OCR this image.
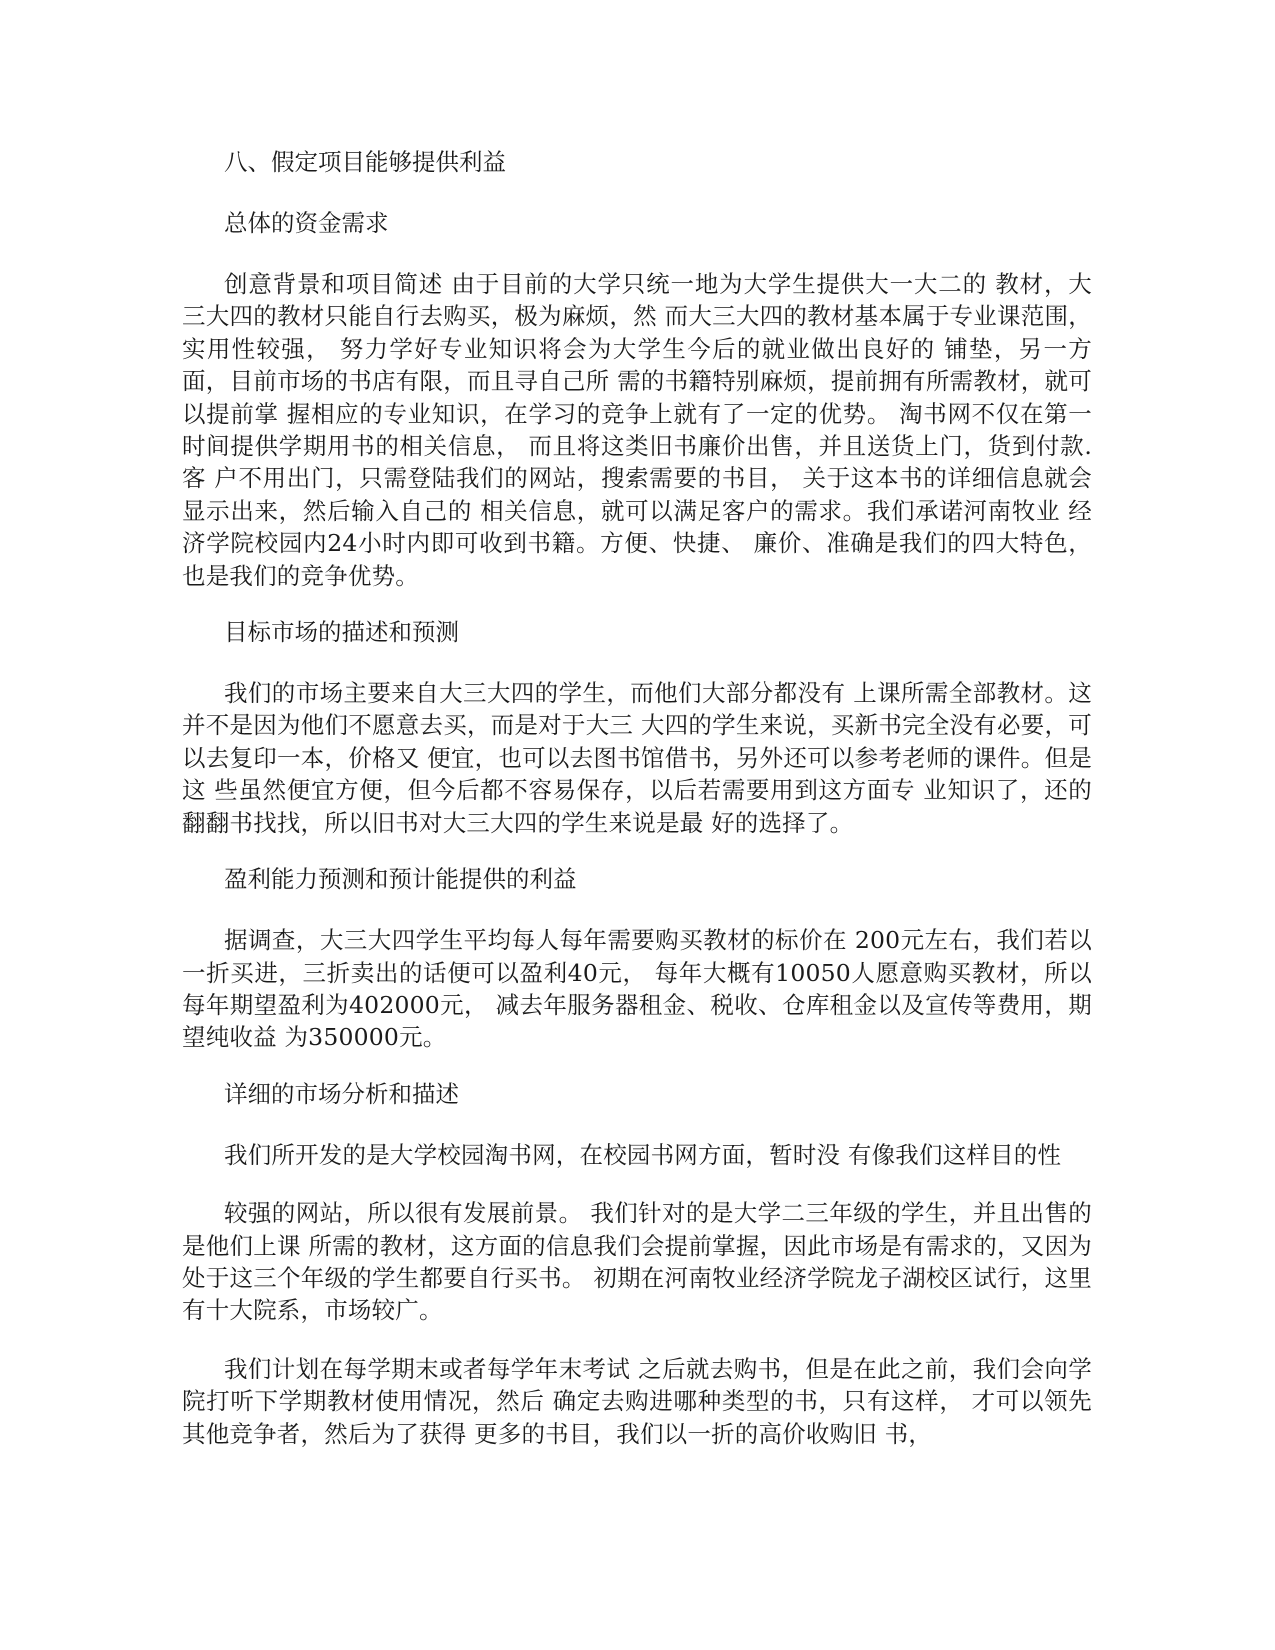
八、假定项目能够提供利益

总体的资金需求

创意背景和项目简述 由于目前的大学只统一地为大学生提供大一大二的 教材，大三大四的教材只能自行去购买，极为麻烦，然 而大三大四的教材基本属于专业课范围，实用性较强， 努力学好专业知识将会为大学生今后的就业做出良好的 铺垫，另一方面，目前市场的书店有限，而且寻自己所 需的书籍特别麻烦，提前拥有所需教材，就可以提前掌 握相应的专业知识，在学习的竞争上就有了一定的优势。 淘书网不仅在第一时间提供学期用书的相关信息， 而且将这类旧书廉价出售，并且送货上门，货到付款.客 户不用出门，只需登陆我们的网站，搜索需要的书目， 关于这本书的详细信息就会显示出来，然后输入自己的 相关信息，就可以满足客户的需求。我们承诺河南牧业 经济学院校园内24小时内即可收到书籍。方便、快捷、 廉价、准确是我们的四大特色，也是我们的竞争优势。

目标市场的描述和预测

我们的市场主要来自大三大四的学生，而他们大部分都没有 上课所需全部教材。这并不是因为他们不愿意去买，而是对于大三 大四的学生来说，买新书完全没有必要，可以去复印一本，价格又 便宜，也可以去图书馆借书，另外还可以参考老师的课件。但是这 些虽然便宜方便，但今后都不容易保存，以后若需要用到这方面专 业知识了，还的翻翻书找找，所以旧书对大三大四的学生来说是最 好的选择了。

盈利能力预测和预计能提供的利益

据调查，大三大四学生平均每人每年需要购买教材的标价在 200元左右，我们若以一折买进，三折卖出的话便可以盈利40元， 每年大概有10050人愿意购买教材，所以每年期望盈利为402000元， 减去年服务器租金、税收、仓库租金以及宣传等费用，期望纯收益 为350000元。

详细的市场分析和描述

我们所开发的是大学校园淘书网，在校园书网方面，暂时没 有像我们这样目的性

较强的网站，所以很有发展前景。 我们针对的是大学二三年级的学生，并且出售的是他们上课 所需的教材，这方面的信息我们会提前掌握，因此市场是有需求的，又因为处于这三个年级的学生都要自行买书。 初期在河南牧业经济学院龙子湖校区试行，这里有十大院系，市场较广。

我们计划在每学期末或者每学年末考试 之后就去购书，但是在此之前，我们会向学院打听下学期教材使用情况，然后 确定去购进哪种类型的书，只有这样， 才可以领先其他竞争者，然后为了获得 更多的书目，我们以一折的高价收购旧 书，
